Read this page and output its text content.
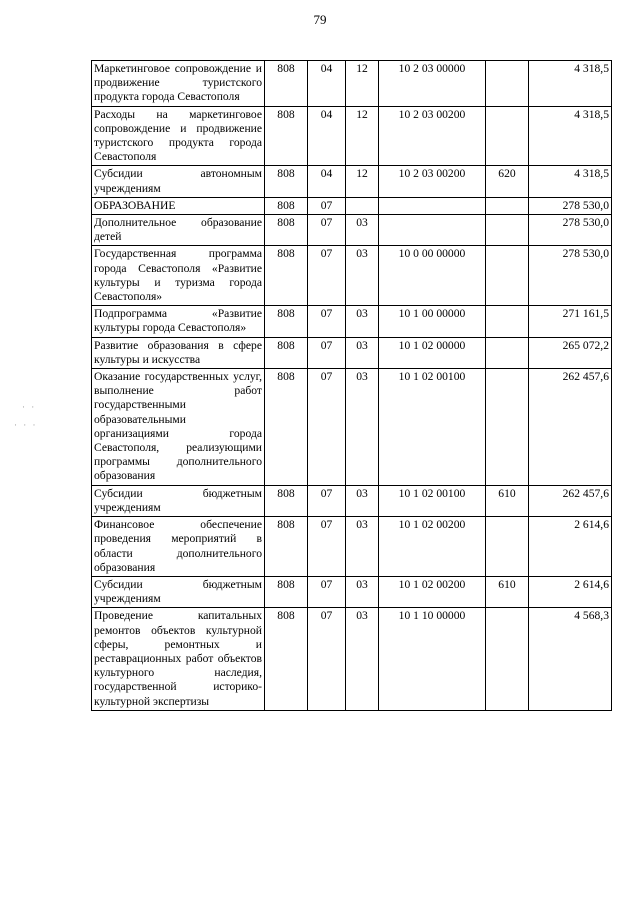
79
· ·
· · ·
Маркетинговое сопровождение и продвижение туристского продукта города Севастополя	808	04	12	10 2 03 00000		4 318,5
Расходы на маркетинговое сопровождение и продвижение туристского продукта города Севастополя	808	04	12	10 2 03 00200		4 318,5
Субсидии автономным учреждениям	808	04	12	10 2 03 00200	620	4 318,5
ОБРАЗОВАНИЕ	808	07				278 530,0
Дополнительное образование детей	808	07	03			278 530,0
Государственная программа города Севастополя «Развитие культуры и туризма города Севастополя»	808	07	03	10 0 00 00000		278 530,0
Подпрограмма «Развитие культуры города Севастополя»	808	07	03	10 1 00 00000		271 161,5
Развитие образования в сфере культуры и искусства	808	07	03	10 1 02 00000		265 072,2
Оказание государственных услуг, выполнение работ государственными образовательными организациями города Севастополя, реализующими программы дополнительного образования	808	07	03	10 1 02 00100		262 457,6
Субсидии бюджетным учреждениям	808	07	03	10 1 02 00100	610	262 457,6
Финансовое обеспечение проведения мероприятий в области дополнительного образования	808	07	03	10 1 02 00200		2 614,6
Субсидии бюджетным учреждениям	808	07	03	10 1 02 00200	610	2 614,6
Проведение капитальных ремонтов объектов культурной сферы, ремонтных и реставрационных работ объектов культурного наследия, государственной историко-культурной экспертизы	808	07	03	10 1 10 00000		4 568,3
